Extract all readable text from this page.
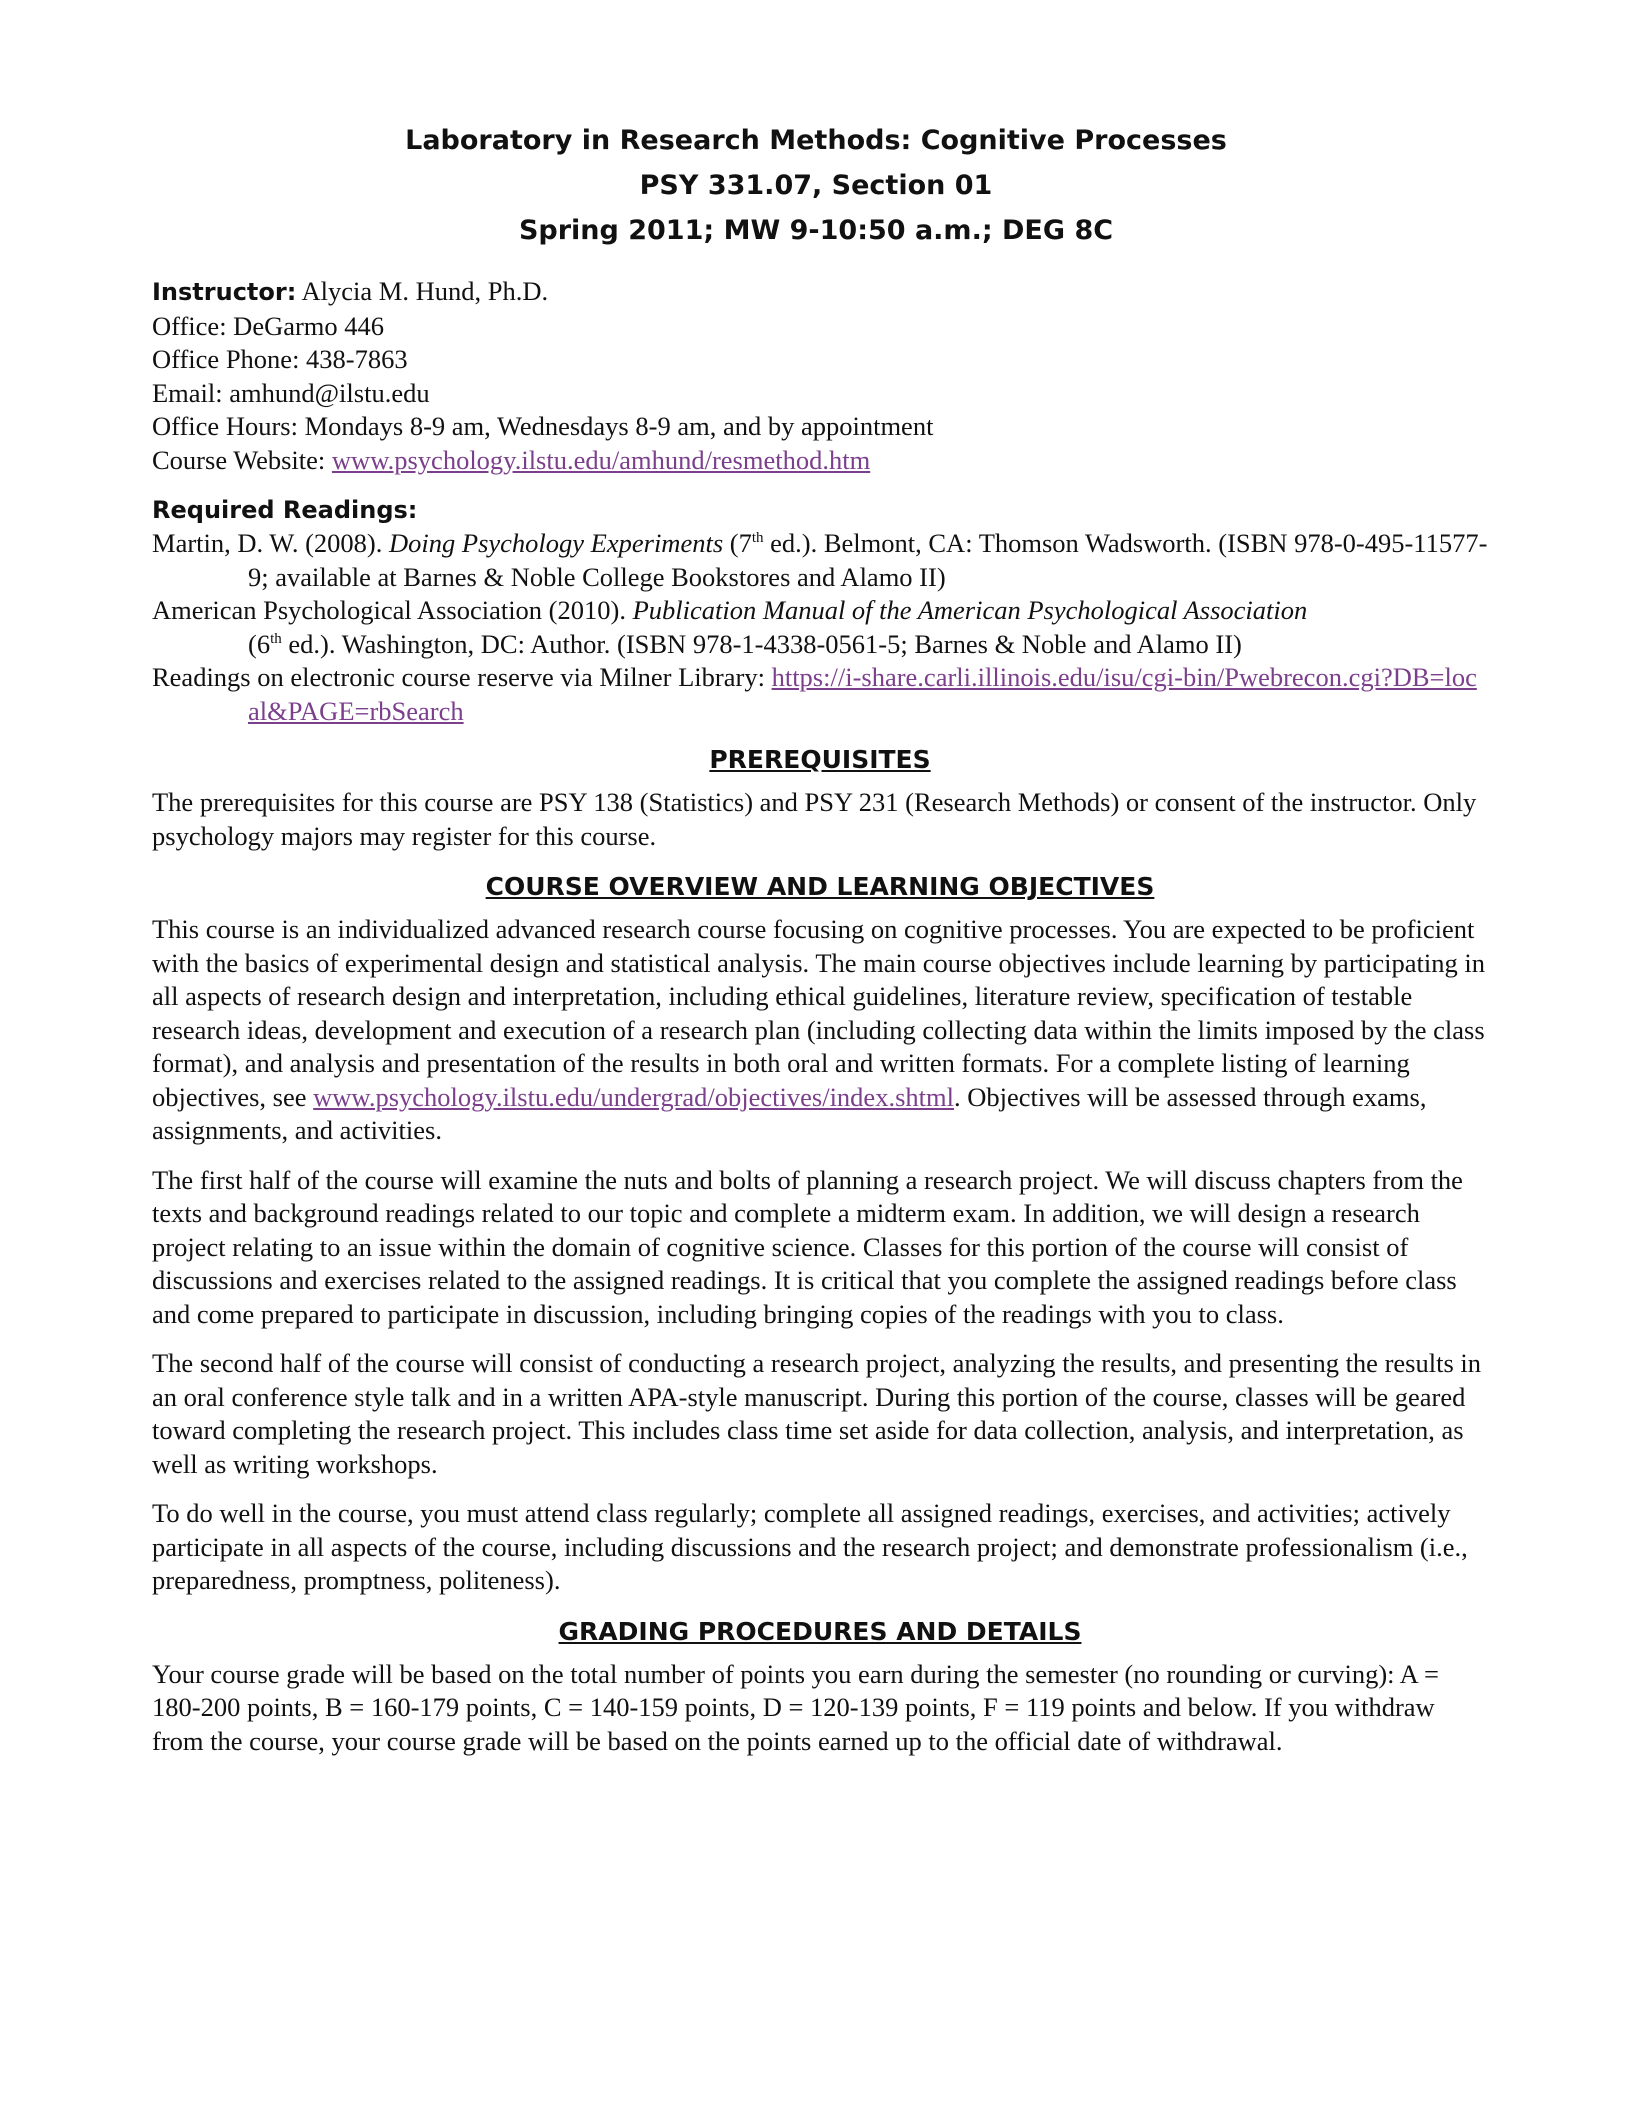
Laboratory in Research Methods: Cognitive Processes
PSY 331.07, Section 01
Spring 2011; MW 9-10:50 a.m.; DEG 8C
Instructor: Alycia M. Hund, Ph.D.
Office: DeGarmo 446
Office Phone: 438-7863
Email: amhund@ilstu.edu
Office Hours: Mondays 8-9 am, Wednesdays 8-9 am, and by appointment
Course Website: www.psychology.ilstu.edu/amhund/resmethod.htm
Required Readings:
Martin, D. W. (2008). Doing Psychology Experiments (7th ed.). Belmont, CA: Thomson Wadsworth. (ISBN 978-0-495-11577-9; available at Barnes & Noble College Bookstores and Alamo II)
American Psychological Association (2010). Publication Manual of the American Psychological Association
(6th ed.). Washington, DC: Author. (ISBN 978-1-4338-0561-5; Barnes & Noble and Alamo II)
Readings on electronic course reserve via Milner Library: https://i-share.carli.illinois.edu/isu/cgi-bin/Pwebrecon.cgi?DB=local&PAGE=rbSearch
PREREQUISITES

The prerequisites for this course are PSY 138 (Statistics) and PSY 231 (Research Methods) or consent of the instructor. Only psychology majors may register for this course.

COURSE OVERVIEW AND LEARNING OBJECTIVES

This course is an individualized advanced research course focusing on cognitive processes. You are expected to be proficient with the basics of experimental design and statistical analysis. The main course objectives include learning by participating in all aspects of research design and interpretation, including ethical guidelines, literature review, specification of testable research ideas, development and execution of a research plan (including collecting data within the limits imposed by the class format), and analysis and presentation of the results in both oral and written formats. For a complete listing of learning objectives, see www.psychology.ilstu.edu/undergrad/objectives/index.shtml. Objectives will be assessed through exams, assignments, and activities.

The first half of the course will examine the nuts and bolts of planning a research project. We will discuss chapters from the texts and background readings related to our topic and complete a midterm exam. In addition, we will design a research project relating to an issue within the domain of cognitive science. Classes for this portion of the course will consist of discussions and exercises related to the assigned readings. It is critical that you complete the assigned readings before class and come prepared to participate in discussion, including bringing copies of the readings with you to class.

The second half of the course will consist of conducting a research project, analyzing the results, and presenting the results in an oral conference style talk and in a written APA-style manuscript. During this portion of the course, classes will be geared toward completing the research project. This includes class time set aside for data collection, analysis, and interpretation, as well as writing workshops.

To do well in the course, you must attend class regularly; complete all assigned readings, exercises, and activities; actively participate in all aspects of the course, including discussions and the research project; and demonstrate professionalism (i.e., preparedness, promptness, politeness).

GRADING PROCEDURES AND DETAILS

Your course grade will be based on the total number of points you earn during the semester (no rounding or curving): A = 180-200 points, B = 160-179 points, C = 140-159 points, D = 120-139 points, F = 119 points and below. If you withdraw from the course, your course grade will be based on the points earned up to the official date of withdrawal.
